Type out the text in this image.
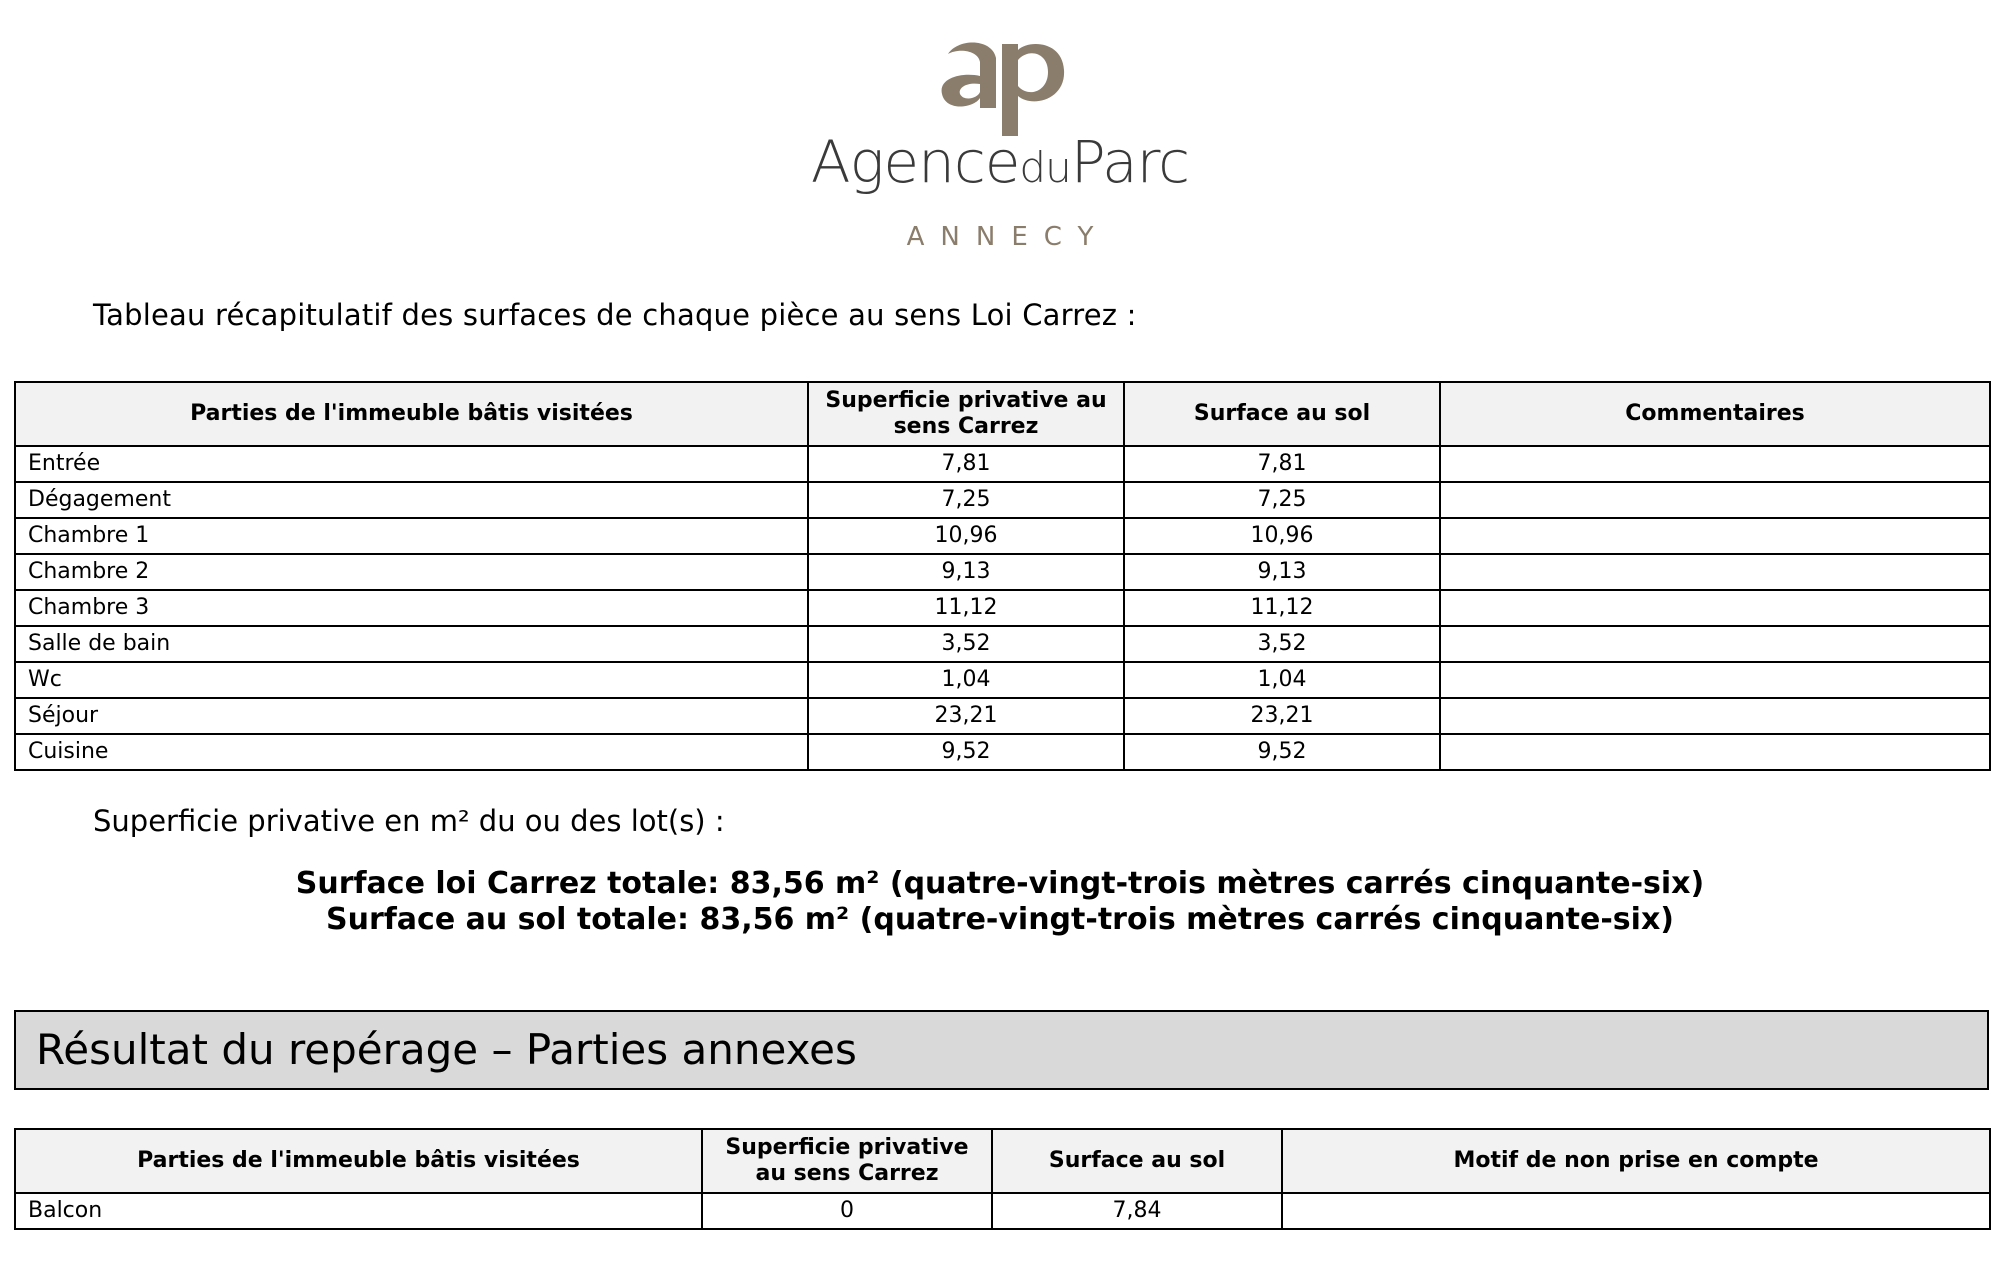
AgenceduParc
ANNECY
Tableau récapitulatif des surfaces de chaque pièce au sens Loi Carrez :
Parties de l'immeuble bâtis visitées	Superficie privative au sens Carrez	Surface au sol	Commentaires
Entrée	7,81	7,81	
Dégagement	7,25	7,25	
Chambre 1	10,96	10,96	
Chambre 2	9,13	9,13	
Chambre 3	11,12	11,12	
Salle de bain	3,52	3,52	
Wc	1,04	1,04	
Séjour	23,21	23,21	
Cuisine	9,52	9,52	
Superficie privative en m² du ou des lot(s) :
Surface loi Carrez totale: 83,56 m² (quatre-vingt-trois mètres carrés cinquante-six)
Surface au sol totale: 83,56 m² (quatre-vingt-trois mètres carrés cinquante-six)
Résultat du repérage – Parties annexes
Parties de l'immeuble bâtis visitées	Superficie privative au sens Carrez	Surface au sol	Motif de non prise en compte
Balcon	0	7,84	
